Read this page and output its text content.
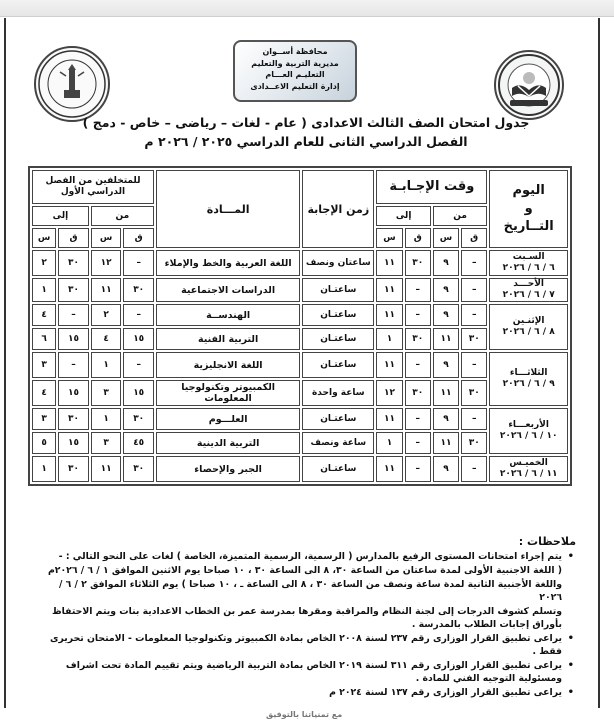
محافظة أســوان
مديرية التربية والتعليم
التعليـم العـــام
إدارة التعليم الاعــدادى
جدول امتحان الصف الثالث الاعدادى ( عام - لغات – رياضى – خاص - دمج )
الفصل الدراسي الثانى للعام الدراسي ٢٠٢٥ / ٢٠٢٦ م
اليوم
و
التــاريخ	وقت الإجـابـة				زمن الإجابة	المـــادة	للمتخلفين من الفصل الدراسي الأول			
	من		إلى				من		إلى	
	ق	س	ق	س			ق	س	ق	س

السـبت
٦ / ٦ / ٢٠٢٦	–	٩	٣٠	١١	ساعتان ونصف	اللغة العربية والخط والإملاء	–	١٢	٣٠	٢

الأحـــد
٧ / ٦ / ٢٠٢٦	–	٩	–	١١	ساعتـان	الدراسات الاجتماعية	٣٠	١١	٣٠	١

الإثنـين
٨ / ٦ / ٢٠٢٦	–	٩	–	١١	ساعتـان	الهندســة	–	٢	–	٤
	٣٠	١١	٣٠	١	ساعتـان	التربية الفنية	١٥	٤	١٥	٦

الثلاثـــاء
٩ / ٦ / ٢٠٢٦	–	٩	–	١١	ساعتـان	اللغة الانجليزية	–	١	–	٣
	٣٠	١١	٣٠	١٢	ساعة واحدة	الكمبيوتر وتكنولوجيا المعلومات	١٥	٣	١٥	٤

الأربعـــاء
١٠ / ٦ / ٢٠٢٦	–	٩	–	١١	ساعتـان	العلـــوم	٣٠	١	٣٠	٣
	٣٠	١١	–	١	ساعة ونصف	التربية الدينية	٤٥	٣	١٥	٥

الخميـس
١١ / ٦ / ٢٠٢٦	–	٩	–	١١	ساعتـان	الجبر والإحصاء	٣٠	١١	٣٠	١
ملاحظات :
• يتم إجراء امتحانات المستوى الرفيع بالمدارس ( الرسمية، الرسمية المتميزة، الخاصة ) لغات على النحو التالي : -
( اللغة الاجنبية الأولى لمدة ساعتان من الساعة ٣٠، ٨ الى الساعة ٣٠ ، ١٠ صباحا يوم الاثنين الموافق ١ / ٦ / ٢٠٢٦م
واللغة الأجنبية الثانية لمدة ساعة ونصف من الساعة ٣٠ ، ٨ الى الساعة ـ ، ١٠ صباحا ) يوم الثلاثاء الموافق ٢ / ٦ / ٢٠٢٦
وتسلم كشوف الدرجات إلى لجنة النظام والمراقبة ومقرها بمدرسة عمر بن الخطاب الاعدادية بنات ويتم الاحتفاظ بأوراق إجابات الطلاب بالمدرسة .
• يراعى تطبيق القرار الوزارى رقم ٢٣٧ لسنة ٢٠٠٨ الخاص بمادة الكمبيوتر وتكنولوجيا المعلومات - الامتحان تحريرى فقط .
• يراعى تطبيق القرار الوزارى رقم ٣١١ لسنة ٢٠١٩ الخاص بمادة التربية الرياضية ويتم تقييم المادة تحت اشراف ومسئولية التوجيه الفني للمادة .
• يراعى تطبيق القرار الوزارى رقم ١٣٧ لسنة ٢٠٢٤ م
مع تمنياتنا بالتوفيق
